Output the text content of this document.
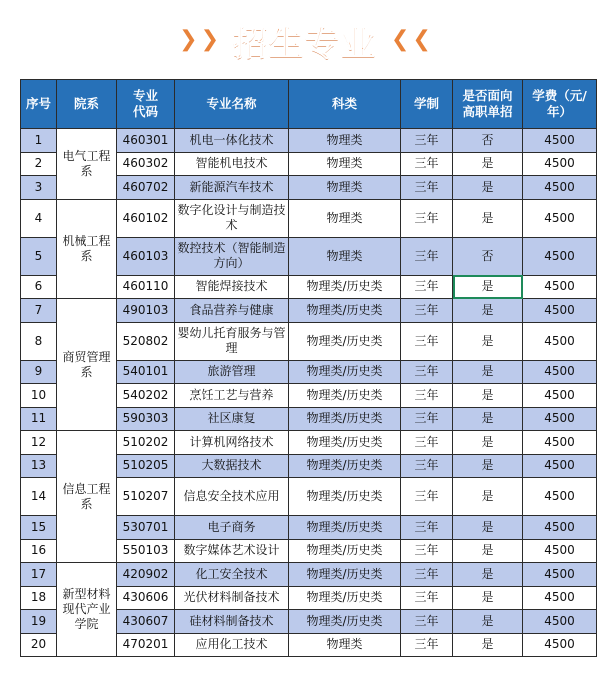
❯ ❯ 招生专业 ❮ ❮
序号	院系	专业代码	专业名称	科类	学制	是否面向高职单招	学费（元/年）
1	电气工程系	460301	机电一体化技术	物理类	三年	否	4500
2		460302	智能机电技术	物理类	三年	是	4500
3		460702	新能源汽车技术	物理类	三年	是	4500
4	机械工程系	460102	数字化设计与制造技术	物理类	三年	是	4500
5		460103	数控技术（智能制造方向）	物理类	三年	否	4500
6		460110	智能焊接技术	物理类/历史类	三年	是	4500
7	商贸管理系	490103	食品营养与健康	物理类/历史类	三年	是	4500
8		520802	婴幼儿托育服务与管理	物理类/历史类	三年	是	4500
9		540101	旅游管理	物理类/历史类	三年	是	4500
10		540202	烹饪工艺与营养	物理类/历史类	三年	是	4500
11		590303	社区康复	物理类/历史类	三年	是	4500
12	信息工程系	510202	计算机网络技术	物理类/历史类	三年	是	4500
13		510205	大数据技术	物理类/历史类	三年	是	4500
14		510207	信息安全技术应用	物理类/历史类	三年	是	4500
15		530701	电子商务	物理类/历史类	三年	是	4500
16		550103	数字媒体艺术设计	物理类/历史类	三年	是	4500
17	新型材料现代产业学院	420902	化工安全技术	物理类/历史类	三年	是	4500
18		430606	光伏材料制备技术	物理类/历史类	三年	是	4500
19		430607	硅材料制备技术	物理类/历史类	三年	是	4500
20		470201	应用化工技术	物理类	三年	是	4500
